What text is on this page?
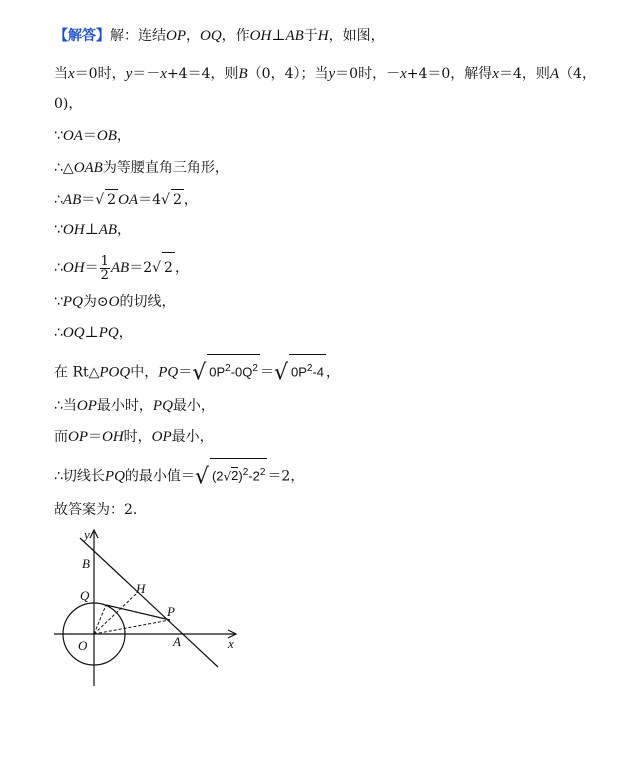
【解答】解：连结OP，OQ，作OH⊥AB于H，如图，
当x＝0时，y＝－x+4＝4，则B（0，4）；当y＝0时，－x+4＝0，解得x＝4，则A（4，
0)，
∵OA＝OB，
∴△OAB为等腰直角三角形，
∴AB＝√ 2 OA＝4√ 2 ，
∵OH⊥AB，
∴OH＝ $\frac{1}{2} AB=2√$ 2 ，
∵PQ为⊙O的切线，
∴OQ⊥PQ，
在 Rt△POQ中，PQ＝√ $0P^2-0Q^2$ ＝√ $0P^2-4$ ，
∴当OP最小时，PQ最小，
而OP＝OH时，OP最小，
∴切线长PQ的最小值＝√ $(2√2)^2-2^2 =2$，
故答案为：2．
y
x
B
H
Q
P
O	A
